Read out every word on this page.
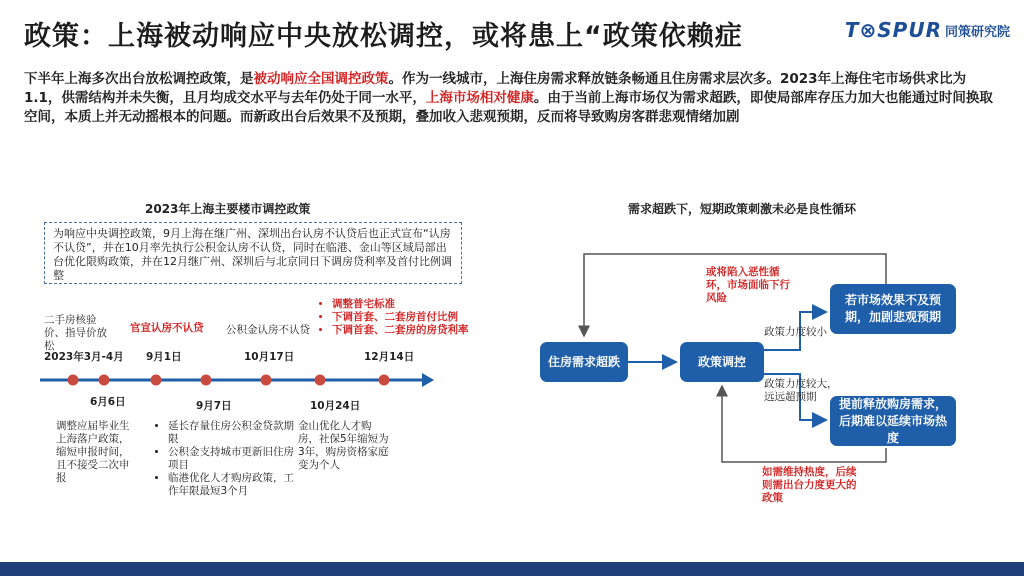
政策：上海被动响应中央放松调控，或将患上“政策依赖症	T⊗SPUR 同策研究院
下半年上海多次出台放松调控政策，是被动响应全国调控政策。作为一线城市，上海住房需求释放链条畅通且住房需求层次多。2023年上海住宅市场供求比为1.1，供需结构并未失衡，且月均成交水平与去年仍处于同一水平，上海市场相对健康。由于当前上海市场仅为需求超跌，即使局部库存压力加大也能通过时间换取空间，本质上并无动摇根本的问题。而新政出台后效果不及预期，叠加收入悲观预期，反而将导致购房客群悲观情绪加剧
2023年上海主要楼市调控政策
为响应中央调控政策，9月上海在继广州、深圳出台认房不认贷后也正式宣布“认房不认贷”，并在10月率先执行公积金认房不认贷，同时在临港、金山等区域局部出台优化限购政策，并在12月继广州、深圳后与北京同日下调房贷利率及首付比例调整
二手房核验价、指导价放松
官宣认房不认贷 公积金认房不认贷
• 调整普宅标准
• 下调首套、二套房首付比例
• 下调首套、二套房的房贷利率
2023年3月-4月 9月1日	10月17日	12月14日
6月6日	9月7日	10月24日
调整应届毕业生上海落户政策，缩短申报时间，且不接受二次申报
• 延长存量住房公积金贷款期限
• 公积金支持城市更新旧住房项目
• 临港优化人才购房政策，工作年限最短3个月
金山优化人才购房，社保5年缩短为3年，购房资格家庭变为个人
需求超跌下，短期政策刺激未必是良性循环
住房需求超跌	政策调控
若市场效果不及预期，加剧悲观预期
提前释放购房需求，后期难以延续市场热度
或将陷入恶性循环，市场面临下行风险
政策力度较小
政策力度较大，远远超预期
如需维持热度，后续则需出台力度更大的政策
